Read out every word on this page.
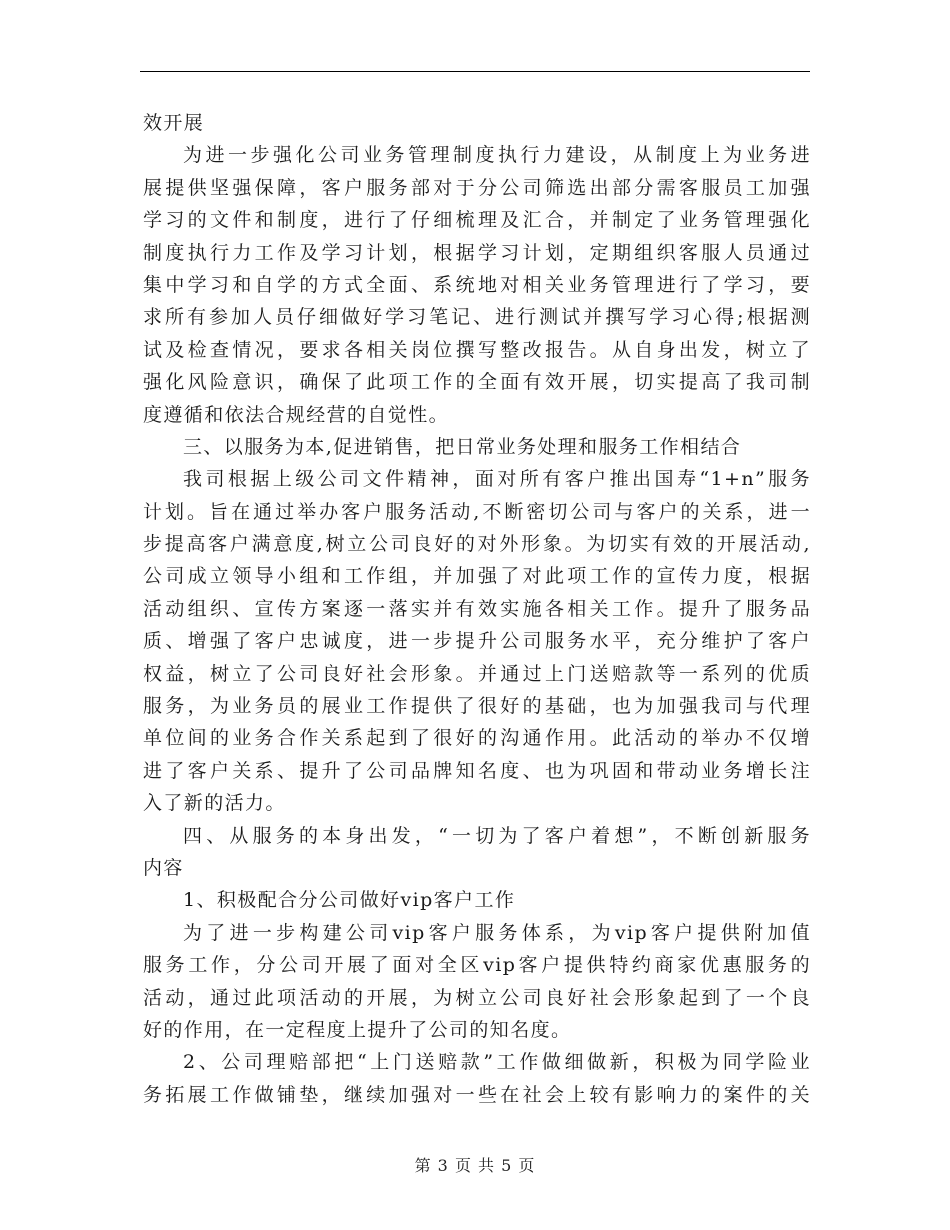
效开展
为进一步强化公司业务管理制度执行力建设，从制度上为业务进
展提供坚强保障，客户服务部对于分公司筛选出部分需客服员工加强
学习的文件和制度，进行了仔细梳理及汇合，并制定了业务管理强化
制度执行力工作及学习计划，根据学习计划，定期组织客服人员通过
集中学习和自学的方式全面、系统地对相关业务管理进行了学习，要
求所有参加人员仔细做好学习笔记、进行测试并撰写学习心得;根据测
试及检查情况，要求各相关岗位撰写整改报告。从自身出发，树立了
强化风险意识，确保了此项工作的全面有效开展，切实提高了我司制
度遵循和依法合规经营的自觉性。
三、以服务为本,促进销售，把日常业务处理和服务工作相结合
我司根据上级公司文件精神，面对所有客户推出国寿“1+n”服务
计划。旨在通过举办客户服务活动,不断密切公司与客户的关系，进一
步提高客户满意度,树立公司良好的对外形象。为切实有效的开展活动,
公司成立领导小组和工作组，并加强了对此项工作的宣传力度，根据
活动组织、宣传方案逐一落实并有效实施各相关工作。提升了服务品
质、增强了客户忠诚度，进一步提升公司服务水平，充分维护了客户
权益，树立了公司良好社会形象。并通过上门送赔款等一系列的优质
服务，为业务员的展业工作提供了很好的基础，也为加强我司与代理
单位间的业务合作关系起到了很好的沟通作用。此活动的举办不仅增
进了客户关系、提升了公司品牌知名度、也为巩固和带动业务增长注
入了新的活力。
四、从服务的本身出发，“一切为了客户着想”，不断创新服务
内容
1、积极配合分公司做好vip客户工作
为了进一步构建公司vip客户服务体系，为vip客户提供附加值
服务工作，分公司开展了面对全区vip客户提供特约商家优惠服务的
活动，通过此项活动的开展，为树立公司良好社会形象起到了一个良
好的作用，在一定程度上提升了公司的知名度。
2、公司理赔部把“上门送赔款”工作做细做新，积极为同学险业
务拓展工作做铺垫，继续加强对一些在社会上较有影响力的案件的关
第 3 页 共 5 页
